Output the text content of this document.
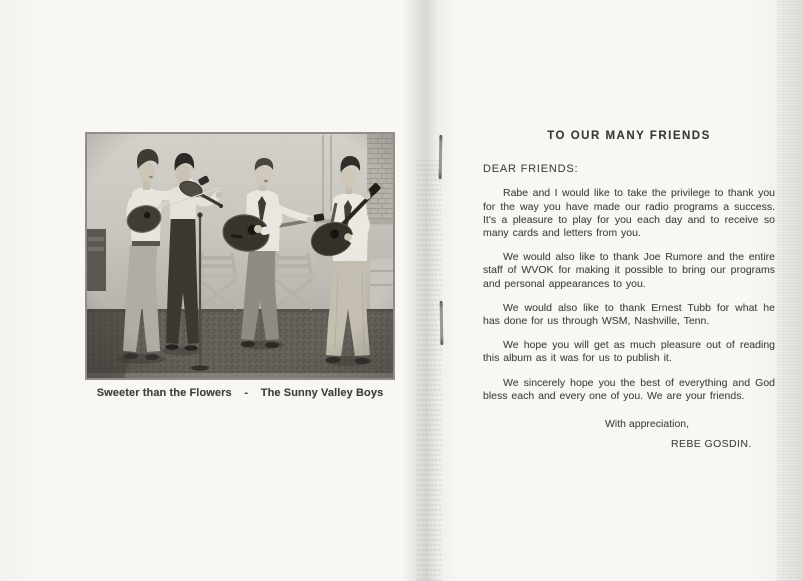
Sweeter than the Flowers    -    The Sunny Valley Boys
TO OUR MANY FRIENDS
DEAR FRIENDS:

Rabe and I would like to take the privilege to thank you for the way you have made our radio programs a success. It's a pleasure to play for you each day and to receive so many cards and letters from you.

We would also like to thank Joe Rumore and the entire staff of WVOK for making it possible to bring our programs and personal appearances to you.

We would also like to thank Ernest Tubb for what he has done for us through WSM, Nashville, Tenn.

We hope you will get as much pleasure out of reading this album as it was for us to publish it.

We sincerely hope you the best of everything and God bless each and every one of you. We are your friends.

With appreciation,
REBE GOSDIN.
